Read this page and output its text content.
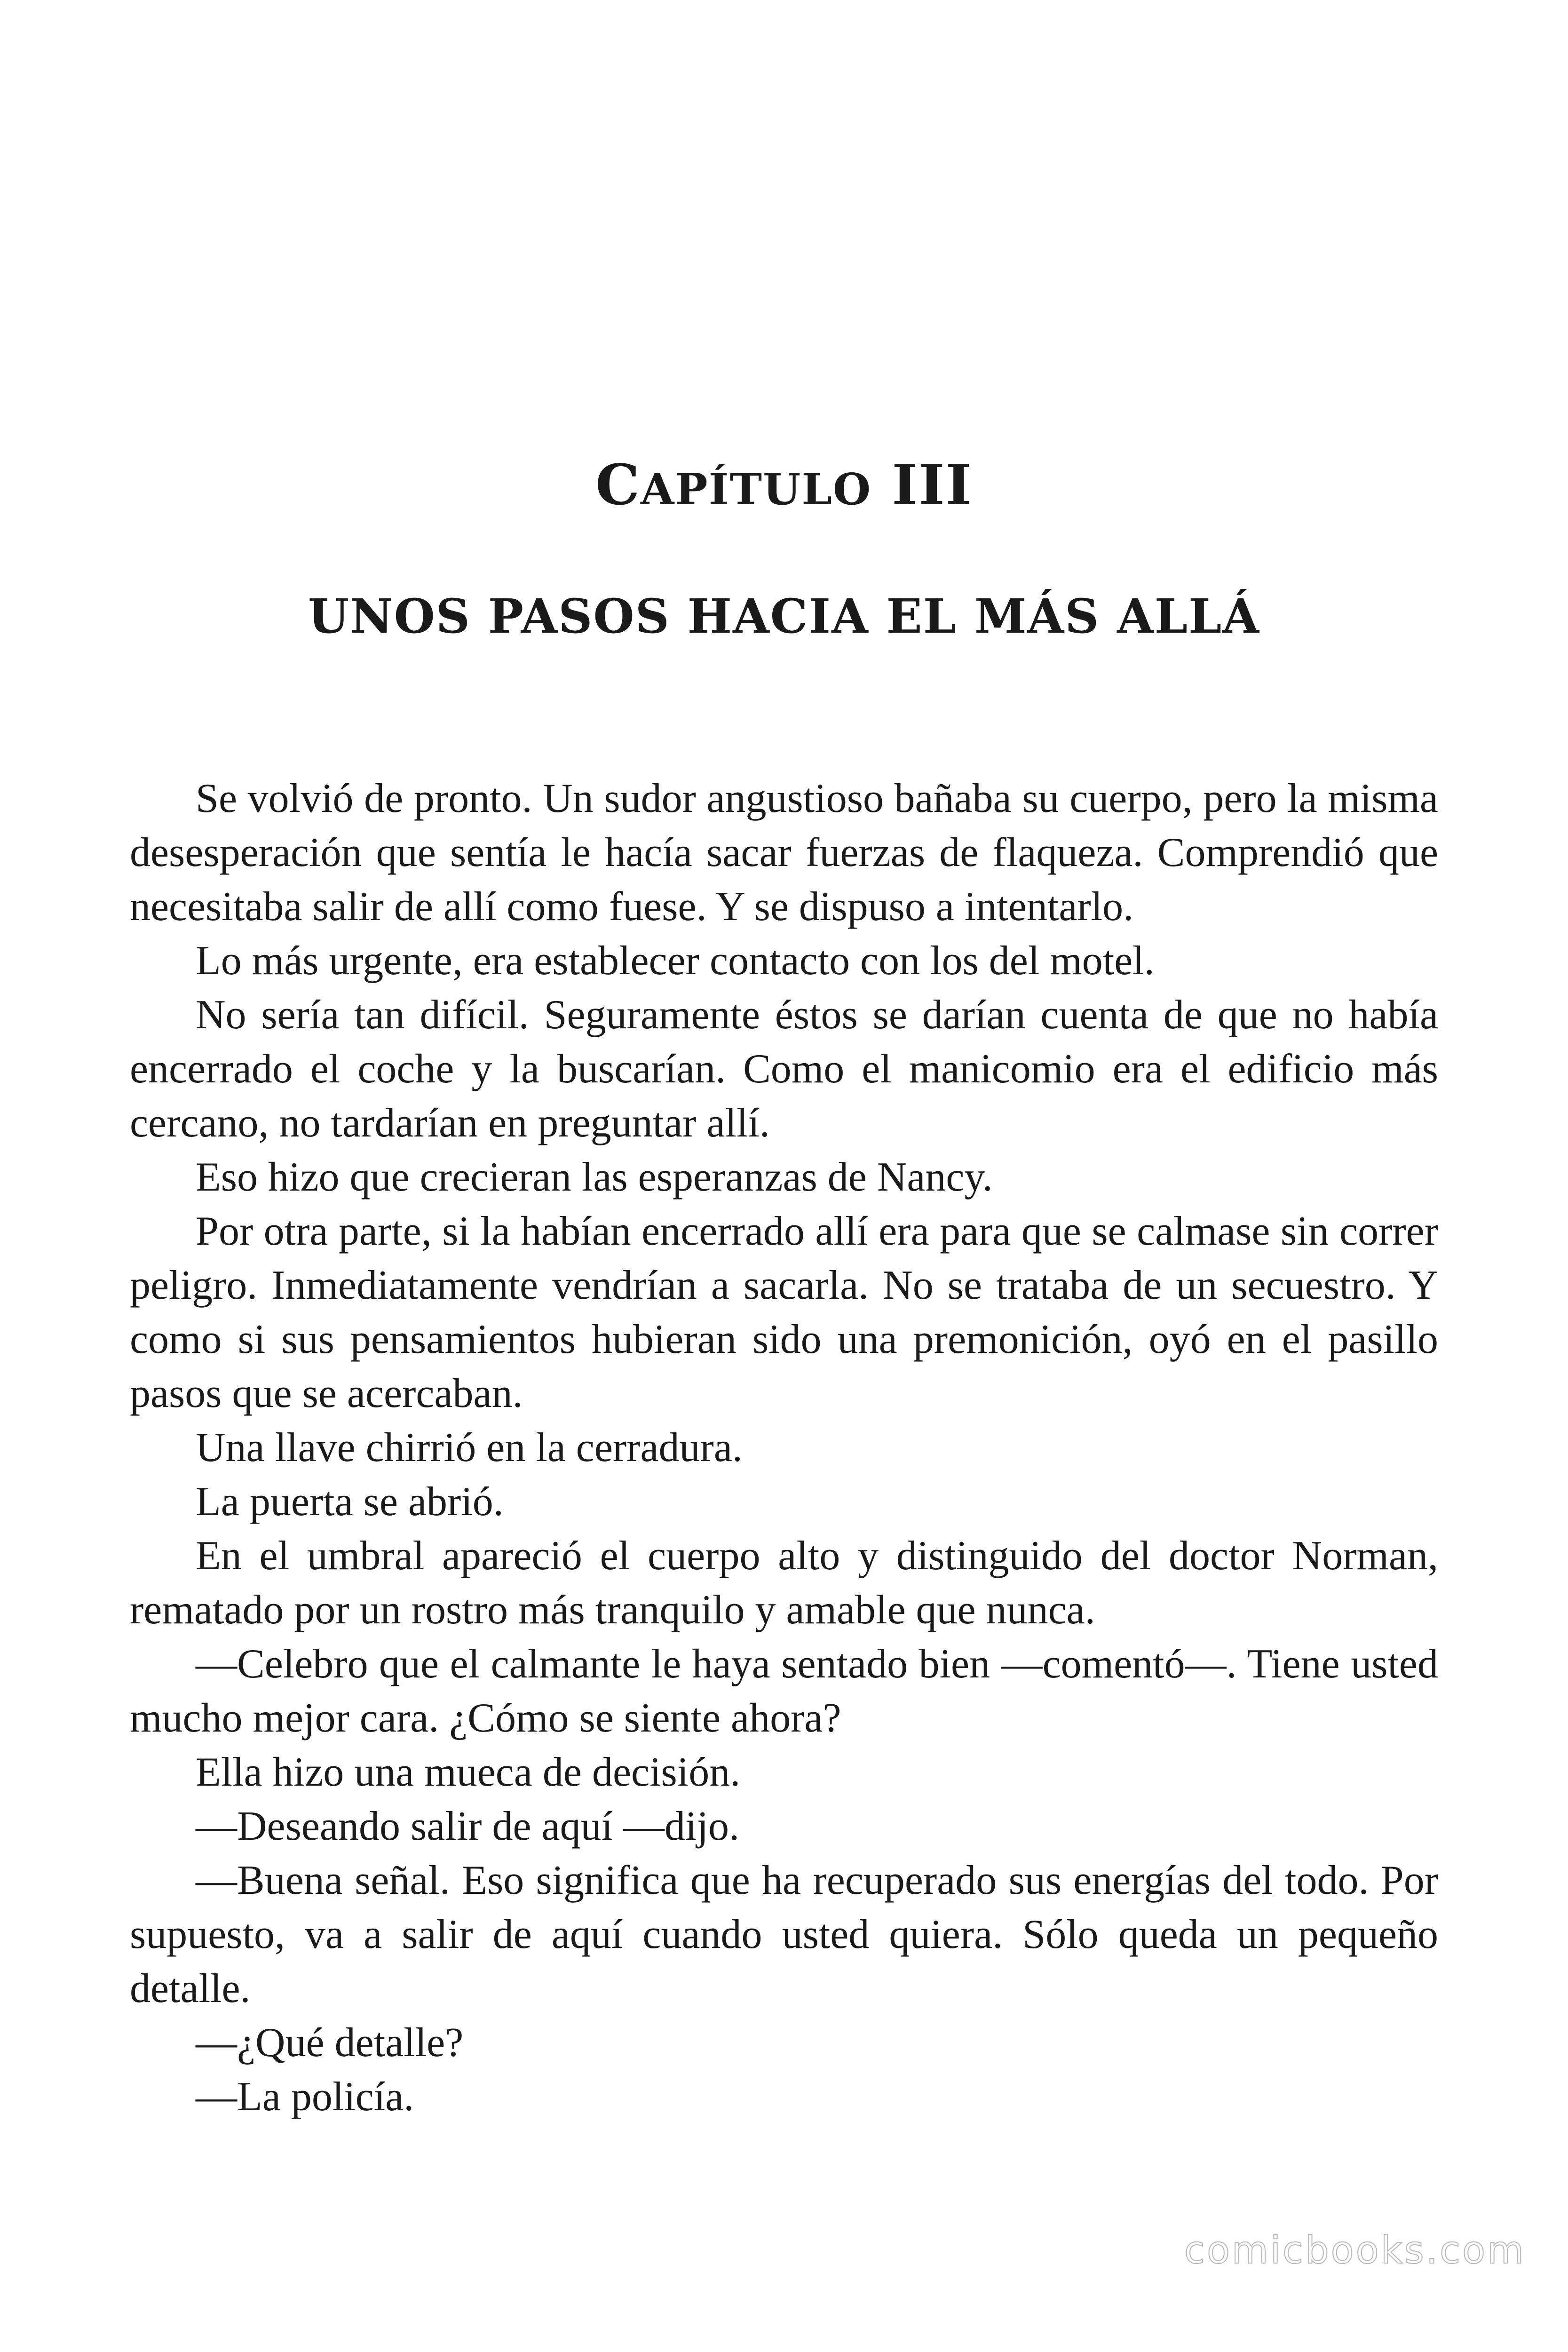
CAPÍTULO III
UNOS PASOS HACIA EL MÁS ALLÁ

Se volvió de pronto. Un sudor angustioso bañaba su cuerpo, pero la misma desesperación que sentía le hacía sacar fuerzas de flaqueza. Comprendió que necesitaba salir de allí como fuese. Y se dispuso a intentarlo.

Lo más urgente, era establecer contacto con los del motel.

No sería tan difícil. Seguramente éstos se darían cuenta de que no había encerrado el coche y la buscarían. Como el manicomio era el edificio más cercano, no tardarían en preguntar allí.

Eso hizo que crecieran las esperanzas de Nancy.

Por otra parte, si la habían encerrado allí era para que se calmase sin correr peligro. Inmediatamente vendrían a sacarla. No se trataba de un secuestro. Y como si sus pensamientos hubieran sido una premonición, oyó en el pasillo pasos que se acercaban.

Una llave chirrió en la cerradura.

La puerta se abrió.

En el umbral apareció el cuerpo alto y distinguido del doctor Norman, rematado por un rostro más tranquilo y amable que nunca.

—Celebro que el calmante le haya sentado bien —comentó—. Tiene usted mucho mejor cara. ¿Cómo se siente ahora?

Ella hizo una mueca de decisión.

—Deseando salir de aquí —dijo.

—Buena señal. Eso significa que ha recuperado sus energías del todo. Por supuesto, va a salir de aquí cuando usted quiera. Sólo queda un pequeño detalle.

—¿Qué detalle?

—La policía.

comicbooks.com
